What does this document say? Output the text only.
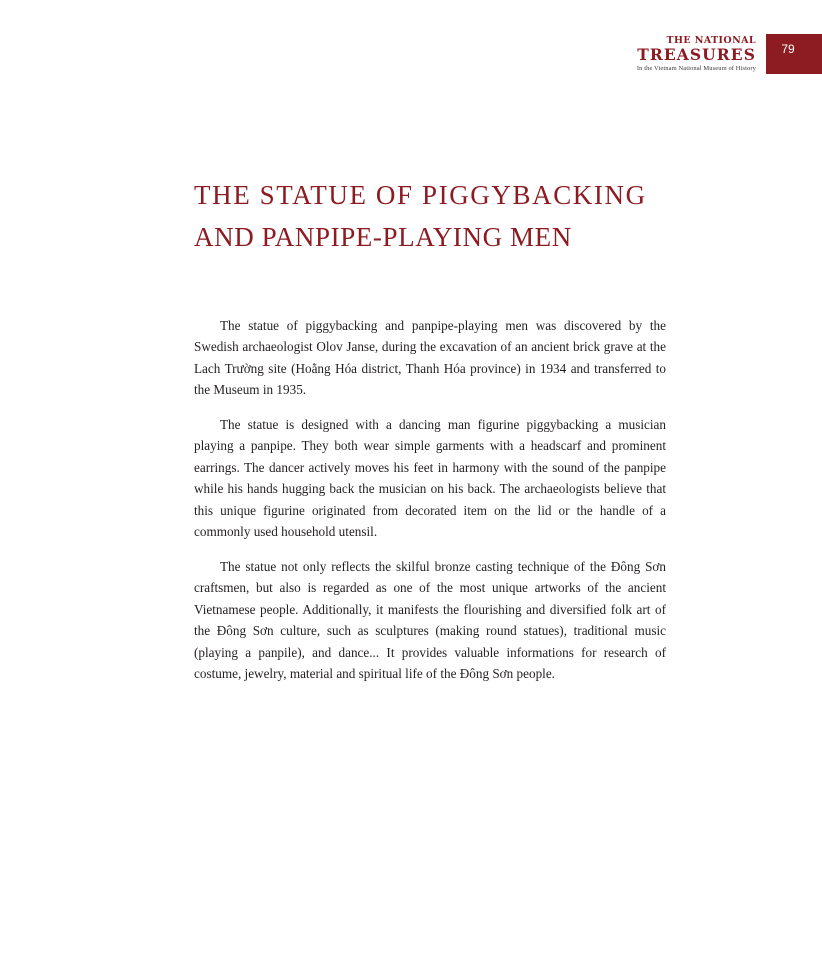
THE NATIONAL
TREASURES
In the Vietnam National Museum of History
79
THE STATUE OF PIGGYBACKING
AND PANPIPE-PLAYING MEN

The statue of piggybacking and panpipe-playing men was discovered by the Swedish archaeologist Olov Janse, during the excavation of an ancient brick grave at the Lach Trường site (Hoằng Hóa district, Thanh Hóa province) in 1934 and transferred to the Museum in 1935.

The statue is designed with a dancing man figurine piggybacking a musician playing a panpipe. They both wear simple garments with a headscarf and prominent earrings. The dancer actively moves his feet in harmony with the sound of the panpipe while his hands hugging back the musician on his back. The archaeologists believe that this unique figurine originated from decorated item on the lid or the handle of a commonly used household utensil.

The statue not only reflects the skilful bronze casting technique of the Đông Sơn craftsmen, but also is regarded as one of the most unique artworks of the ancient Vietnamese people. Additionally, it manifests the flourishing and diversified folk art of the Đông Sơn culture, such as sculptures (making round statues), traditional music (playing a panpile), and dance... It provides valuable informations for research of costume, jewelry, material and spiritual life of the Đông Sơn people.
